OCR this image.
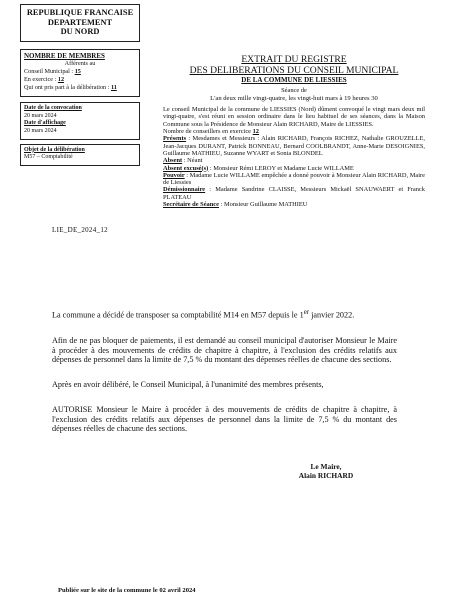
REPUBLIQUE FRANCAISE
DEPARTEMENT
DU NORD
NOMBRE DE MEMBRES
Afférents au
Conseil Municipal : 15
En exercice : 12
Qui ont pris part à la délibération : 11
Date de la convocation
20 mars 2024
Date d'affichage
20 mars 2024
Objet de la délibération
M57 – Comptabilité
LIE_DE_2024_12
EXTRAIT DU REGISTRE
DES DELIBERATIONS DU CONSEIL MUNICIPAL
DE LA COMMUNE DE LIESSIES
Séance de
L'an deux mille vingt-quatre, les vingt-huit mars à 19 heures 30
Le conseil Municipal de la commune de LIESSIES (Nord) dûment convoqué le vingt mars deux mil vingt-quatre, s'est réuni en session ordinaire dans le lieu habituel de ses séances, dans la Maison Commune sous la Présidence de Monsieur Alain RICHARD, Maire de LIESSIES.
Nombre de conseillers en exercice 12
Présents : Mesdames et Messieurs : Alain RICHARD, François RICHEZ, Nathalie GROUZELLE, Jean-Jacques DURANT, Patrick BONNEAU, Bernard COOLBRANDT, Anne-Marie DESOIGNIES, Guillaume MATHIEU, Suzanne WYART et Sonia BLONDEL
Absent : Néant
Absent excusé(s) : Monsieur Rémi LEROY et Madame Lucie WILLAME
Pouvoir : Madame Lucie WILLAME empêchée a donné pouvoir à Monsieur Alain RICHARD, Maire de Liessies
Démissionnaire : Madame Sandrine CLAISSE, Messieurs Mickaël SNAUWAERT et Franck PLATEAU
Secrétaire de Séance : Monsieur Guillaume MATHIEU
La commune a décidé de transposer sa comptabilité M14 en M57 depuis le 1er janvier 2022.
Afin de ne pas bloquer de paiements, il est demandé au conseil municipal d'autoriser Monsieur le Maire à procéder à des mouvements de crédits de chapitre à chapitre, à l'exclusion des crédits relatifs aux dépenses de personnel dans la limite de 7,5 % du montant des dépenses réelles de chacune des sections.
Après en avoir délibéré, le Conseil Municipal, à l'unanimité des membres présents,
AUTORISE Monsieur le Maire à procéder à des mouvements de crédits de chapitre à chapitre, à l'exclusion des crédits relatifs aux dépenses de personnel dans la limite de 7,5 % du montant des dépenses réelles de chacune des sections.
Le Maire,
Alain RICHARD
Publiée sur le site de la commune le 02 avril 2024
